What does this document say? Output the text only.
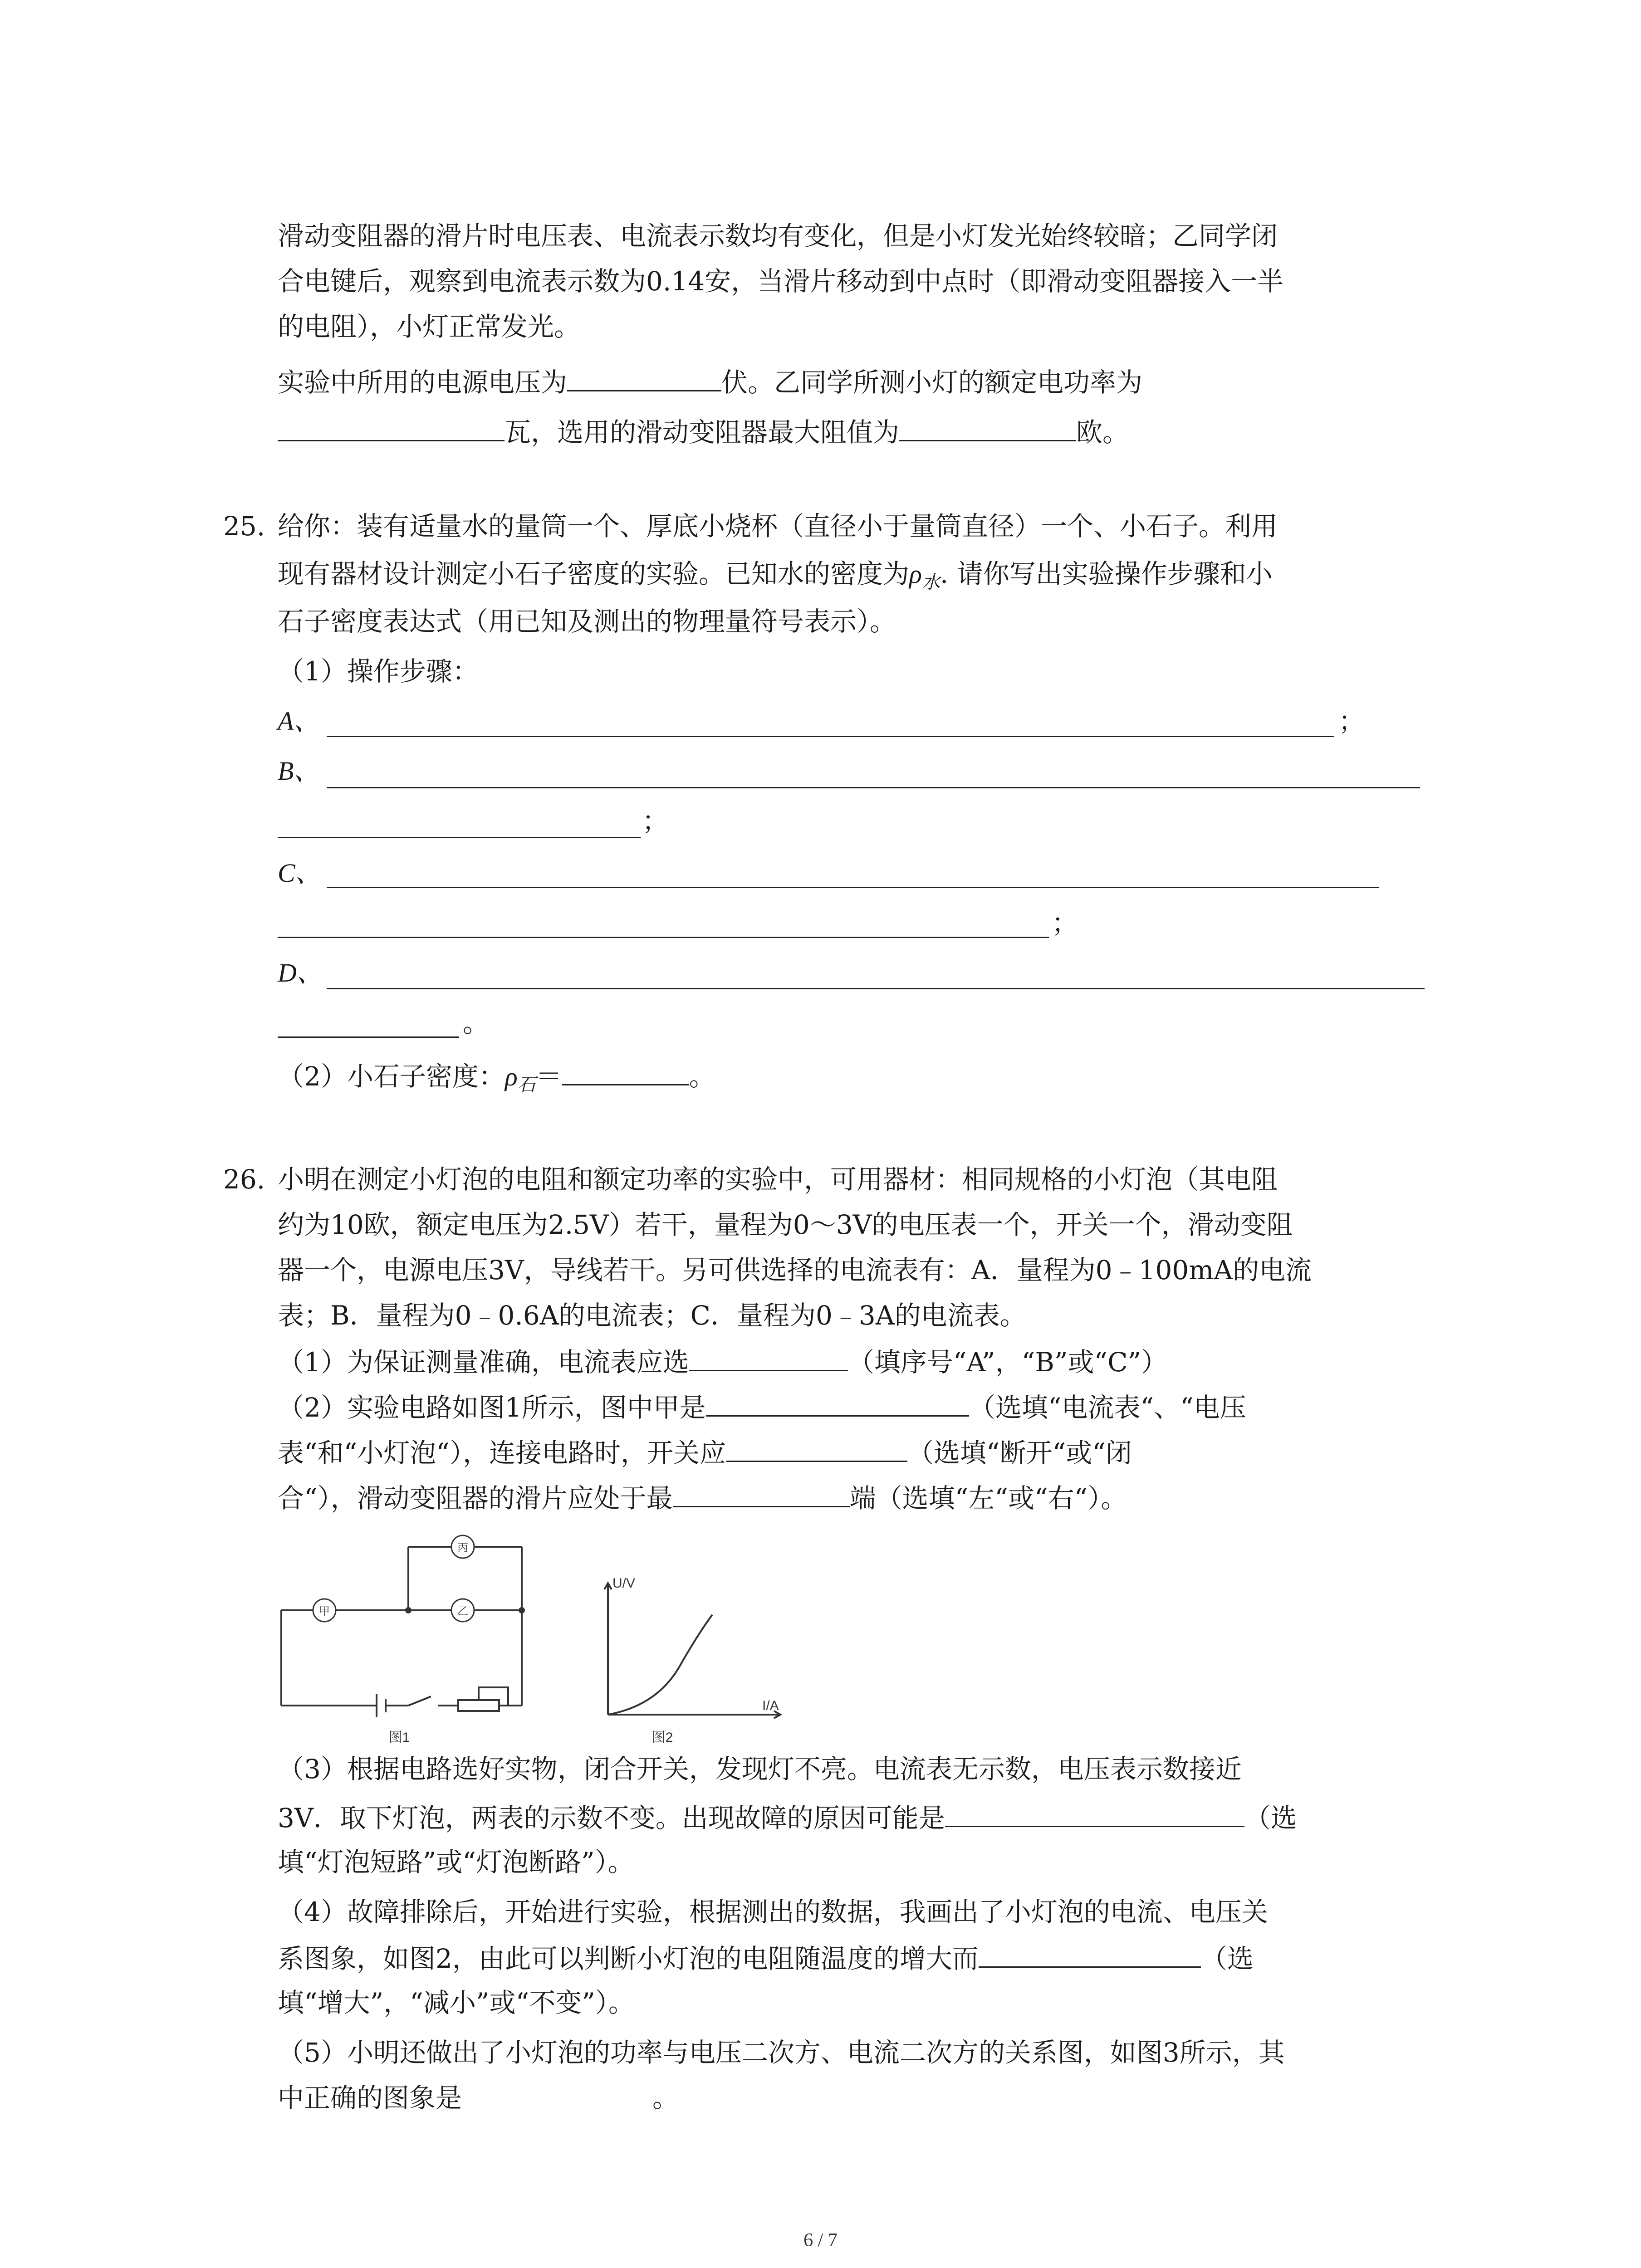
滑动变阻器的滑片时电压表、电流表示数均有变化，但是小灯发光始终较暗；乙同学闭
合电键后，观察到电流表示数为0.14安，当滑片移动到中点时（即滑动变阻器接入一半
的电阻），小灯正常发光。
实验中所用的电源电压为	伏。乙同学所测小灯的额定电功率为
瓦，选用的滑动变阻器最大阻值为	欧。
25. 给你：装有适量水的量筒一个、厚底小烧杯（直径小于量筒直径）一个、小石子。利用
现有器材设计测定小石子密度的实验。已知水的密度为$\rho_水$. 请你写出实验操作步骤和小
石子密度表达式（用已知及测出的物理量符号表示）。
（1）操作步骤：
A、	；
B、
；
C、
；
D、
。
（2）小石子密度：$\rho_石=$	。
26. 小明在测定小灯泡的电阻和额定功率的实验中，可用器材：相同规格的小灯泡（其电阻
约为10欧，额定电压为2.5V）若干，量程为0～3V的电压表一个，开关一个，滑动变阻
器一个，电源电压3V，导线若干。另可供选择的电流表有：A．量程为0﹣100mA的电流
表；B．量程为0﹣0.6A的电流表；C．量程为0﹣3A的电流表。
（1）为保证测量准确，电流表应选	（填序号“A”，“B”或“C”）
（2）实验电路如图1所示，图中甲是	（选填“电流表“、“电压
表“和“小灯泡“），连接电路时，开关应	（选填“断开“或“闭
合“），滑动变阻器的滑片应处于最	端（选填“左“或“右“）。
甲	乙
丙
图1
U/V
I/A
图2
（3）根据电路选好实物，闭合开关，发现灯不亮。电流表无示数，电压表示数接近
3V．取下灯泡，两表的示数不变。出现故障的原因可能是	（选
填“灯泡短路”或“灯泡断路”）。
（4）故障排除后，开始进行实验，根据测出的数据，我画出了小灯泡的电流、电压关
系图象，如图2，由此可以判断小灯泡的电阻随温度的增大而	（选
填“增大”，“减小”或“不变”）。
（5）小明还做出了小灯泡的功率与电压二次方、电流二次方的关系图，如图3所示，其
中正确的图象是	。
6 / 7
